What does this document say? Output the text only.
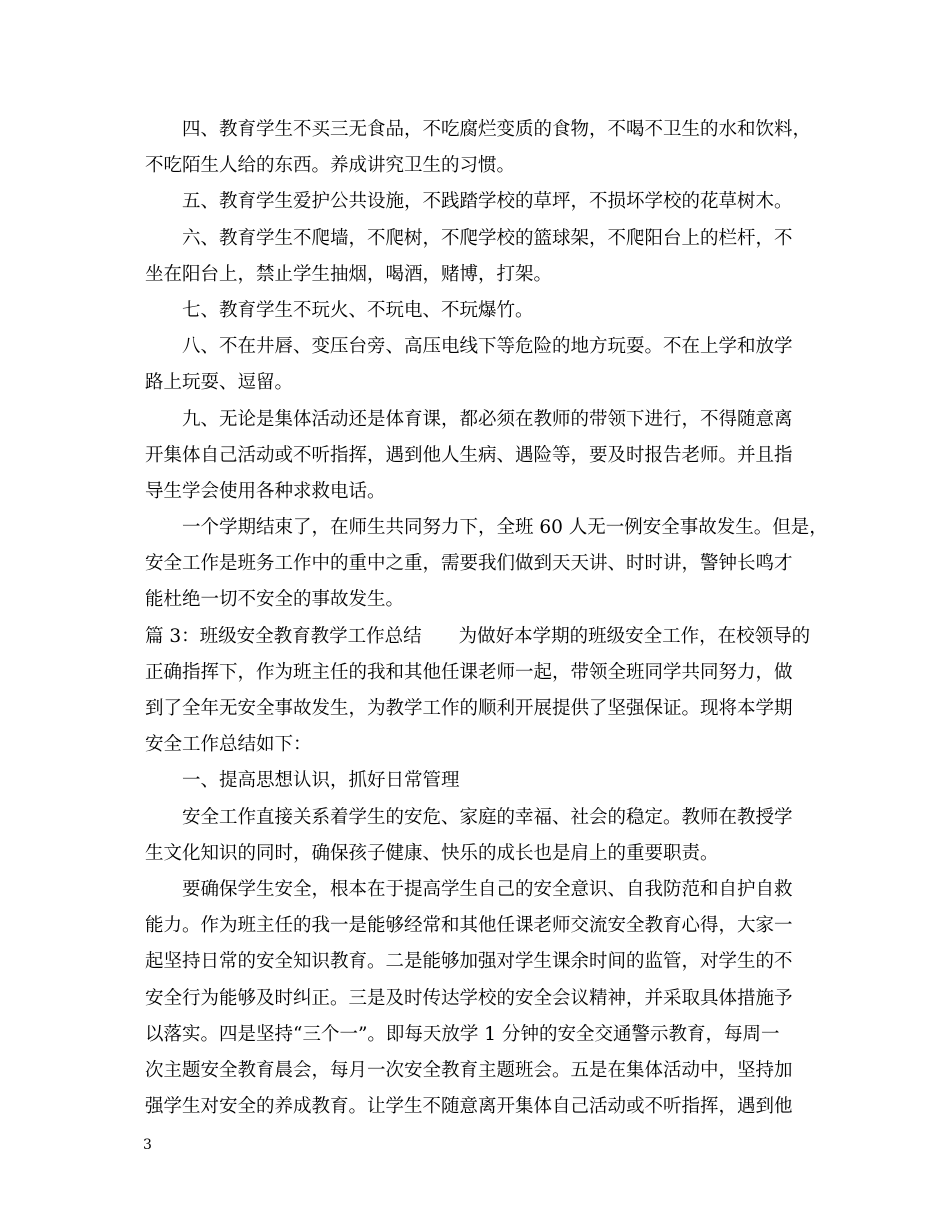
四、教育学生不买三无食品，不吃腐烂变质的食物，不喝不卫生的水和饮料，
不吃陌生人给的东西。养成讲究卫生的习惯。
五、教育学生爱护公共设施，不践踏学校的草坪，不损坏学校的花草树木。
六、教育学生不爬墙，不爬树，不爬学校的篮球架，不爬阳台上的栏杆，不
坐在阳台上，禁止学生抽烟，喝酒，赌博，打架。
七、教育学生不玩火、不玩电、不玩爆竹。
八、不在井唇、变压台旁、高压电线下等危险的地方玩耍。不在上学和放学
路上玩耍、逗留。
九、无论是集体活动还是体育课，都必须在教师的带领下进行，不得随意离
开集体自己活动或不听指挥，遇到他人生病、遇险等，要及时报告老师。并且指
导生学会使用各种求救电话。
一个学期结束了，在师生共同努力下，全班 60 人无一例安全事故发生。但是，
安全工作是班务工作中的重中之重，需要我们做到天天讲、时时讲，警钟长鸣才
能杜绝一切不安全的事故发生。
篇 3：班级安全教育教学工作总结　　为做好本学期的班级安全工作，在校领导的
正确指挥下，作为班主任的我和其他任课老师一起，带领全班同学共同努力，做
到了全年无安全事故发生，为教学工作的顺利开展提供了坚强保证。现将本学期
安全工作总结如下：
一、提高思想认识，抓好日常管理
安全工作直接关系着学生的安危、家庭的幸福、社会的稳定。教师在教授学
生文化知识的同时，确保孩子健康、快乐的成长也是肩上的重要职责。
要确保学生安全，根本在于提高学生自己的安全意识、自我防范和自护自救
能力。作为班主任的我一是能够经常和其他任课老师交流安全教育心得，大家一
起坚持日常的安全知识教育。二是能够加强对学生课余时间的监管，对学生的不
安全行为能够及时纠正。三是及时传达学校的安全会议精神，并采取具体措施予
以落实。四是坚持“三个一”。即每天放学 1 分钟的安全交通警示教育，每周一
次主题安全教育晨会，每月一次安全教育主题班会。五是在集体活动中，坚持加
强学生对安全的养成教育。让学生不随意离开集体自己活动或不听指挥，遇到他
3
